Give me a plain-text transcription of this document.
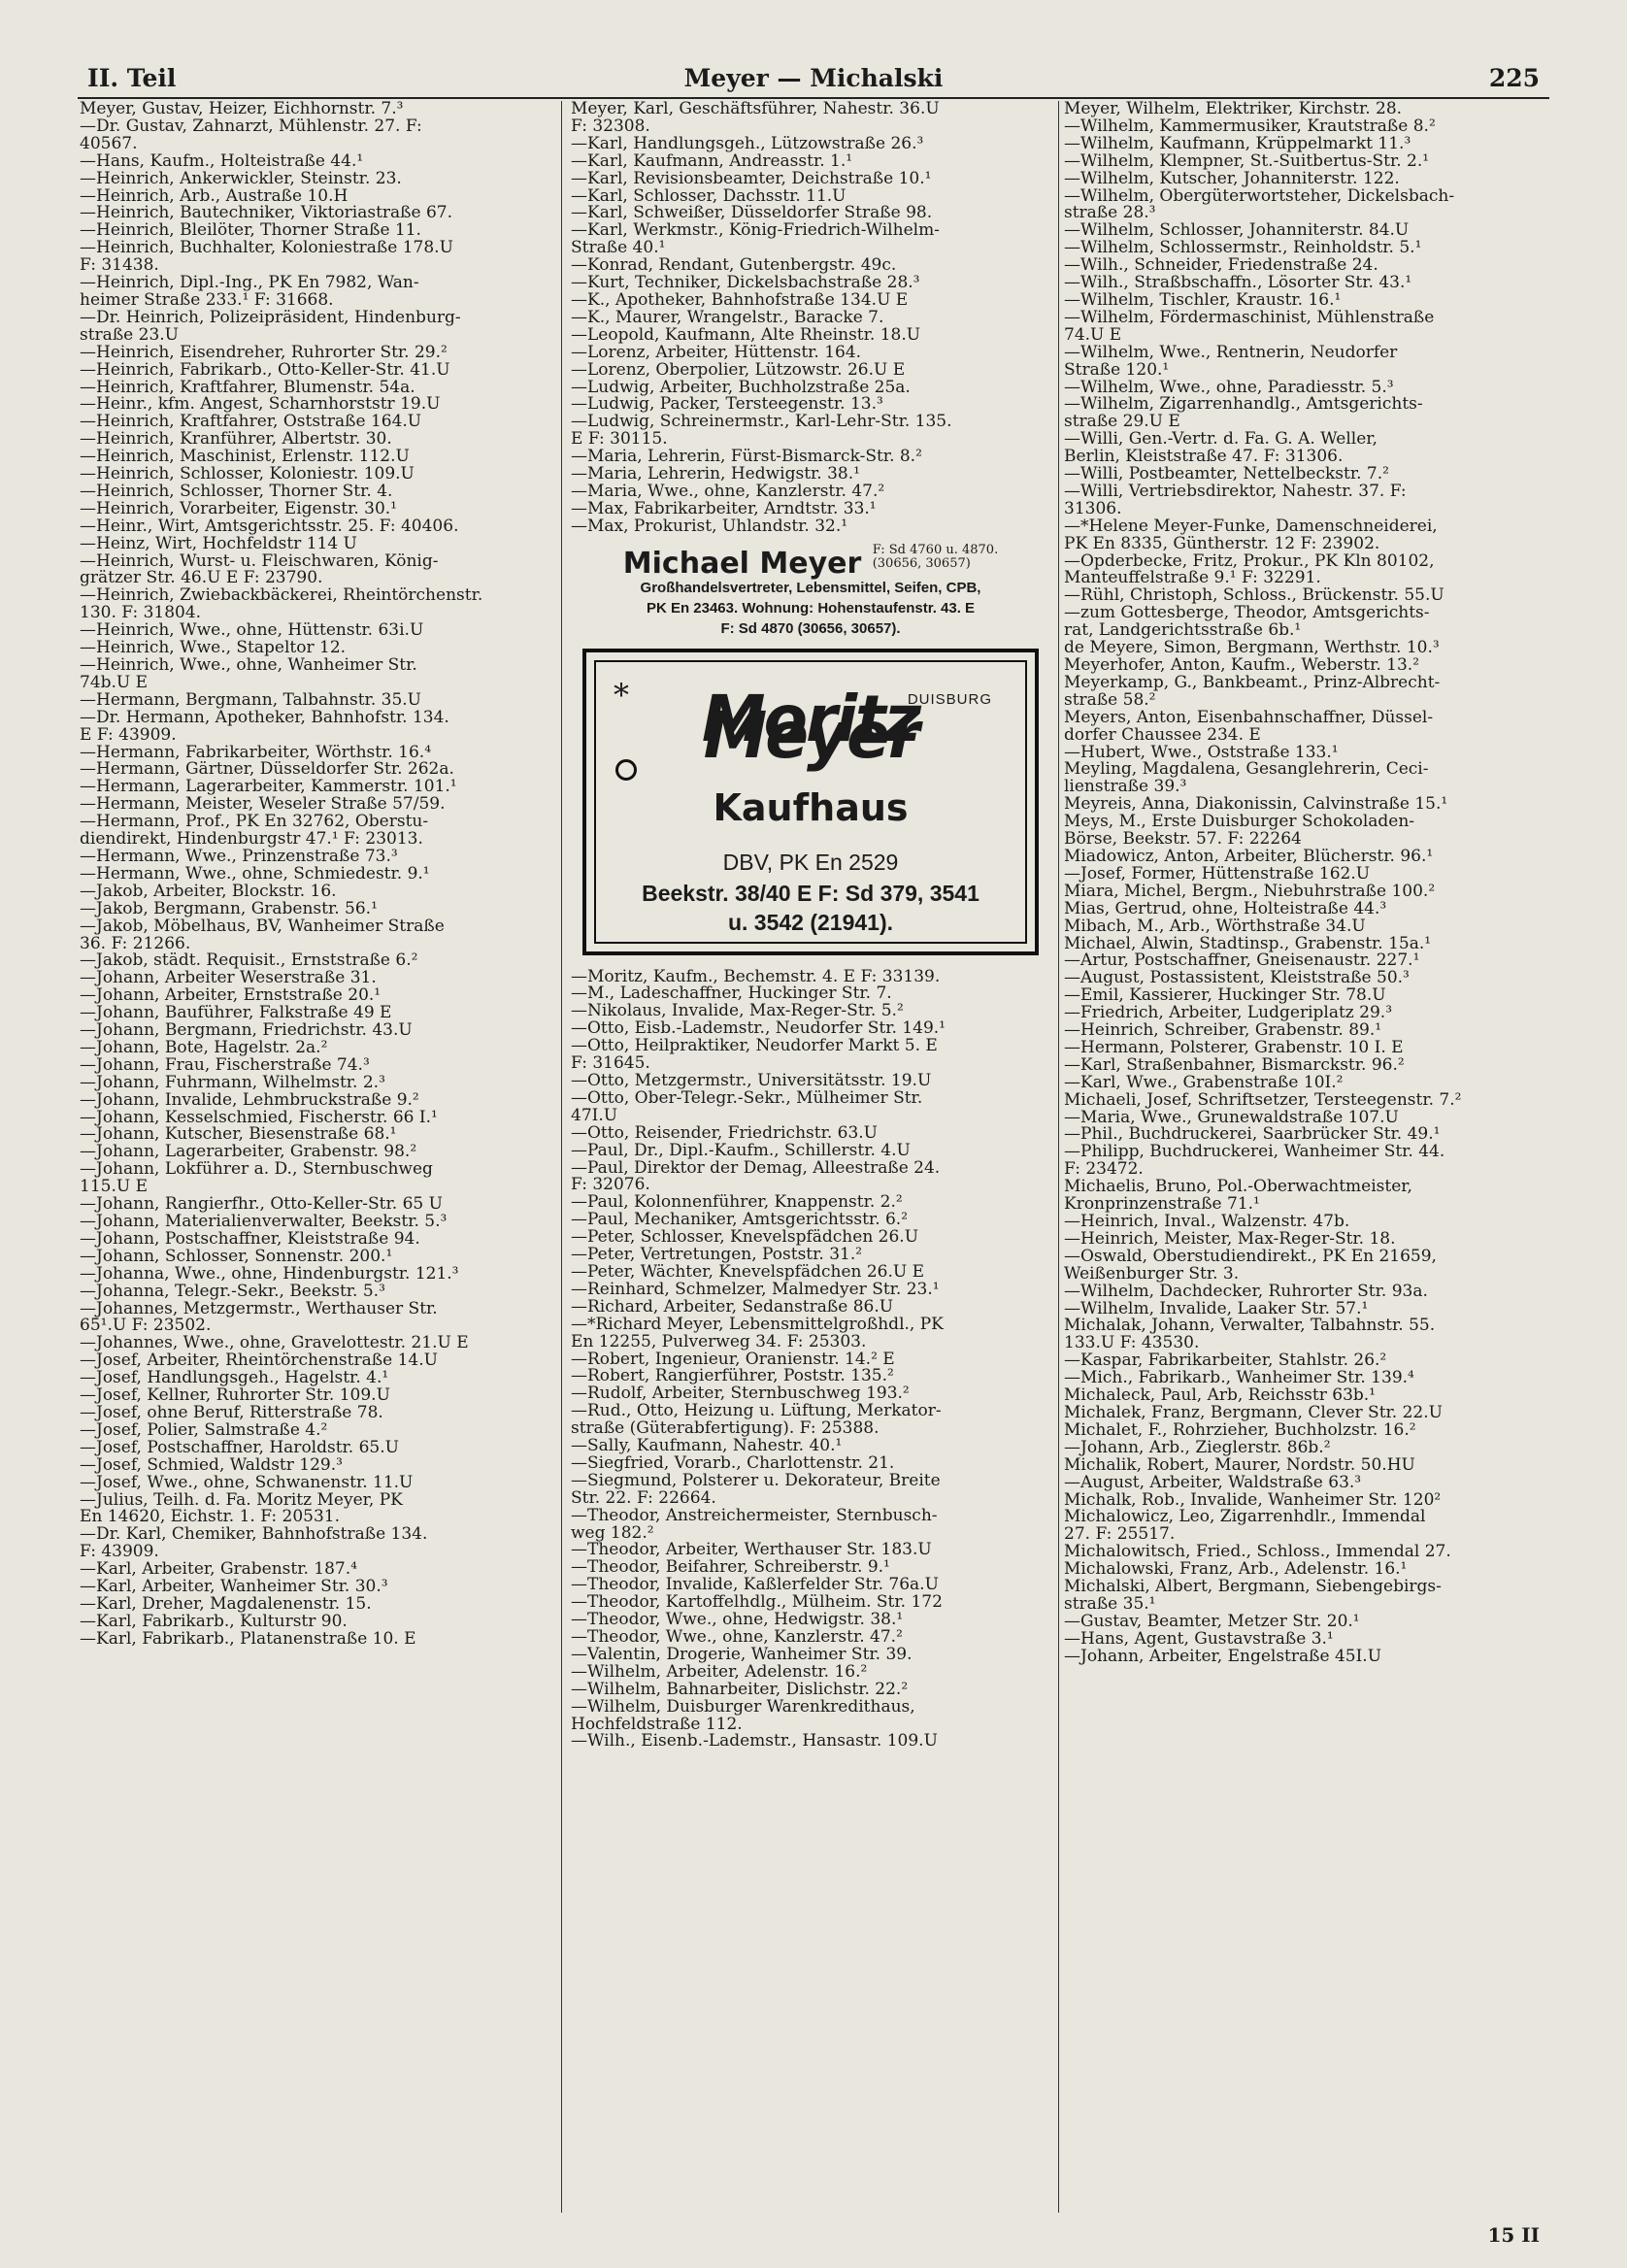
II. Teil	Meyer — Michalski	225
Meyer, Gustav, Heizer, Eichhornstr. 7.³
—Dr. Gustav, Zahnarzt, Mühlenstr. 27. F:
40567.
—Hans, Kaufm., Holteistraße 44.¹
—Heinrich, Ankerwickler, Steinstr. 23.
—Heinrich, Arb., Austraße 10.H
—Heinrich, Bautechniker, Viktoriastraße 67.
—Heinrich, Bleilöter, Thorner Straße 11.
—Heinrich, Buchhalter, Koloniestraße 178.U
F: 31438.
—Heinrich, Dipl.-Ing., PK En 7982, Wan-
heimer Straße 233.¹ F: 31668.
—Dr. Heinrich, Polizeipräsident, Hindenburg-
straße 23.U
—Heinrich, Eisendreher, Ruhrorter Str. 29.²
—Heinrich, Fabrikarb., Otto-Keller-Str. 41.U
—Heinrich, Kraftfahrer, Blumenstr. 54a.
—Heinr., kfm. Angest, Scharnhorststr 19.U
—Heinrich, Kraftfahrer, Oststraße 164.U
—Heinrich, Kranführer, Albertstr. 30.
—Heinrich, Maschinist, Erlenstr. 112.U
—Heinrich, Schlosser, Koloniestr. 109.U
—Heinrich, Schlosser, Thorner Str. 4.
—Heinrich, Vorarbeiter, Eigenstr. 30.¹
—Heinr., Wirt, Amtsgerichtsstr. 25. F: 40406.
—Heinz, Wirt, Hochfeldstr 114 U
—Heinrich, Wurst- u. Fleischwaren, König-
grätzer Str. 46.U E F: 23790.
—Heinrich, Zwiebackbäckerei, Rheintörchenstr.
130. F: 31804.
—Heinrich, Wwe., ohne, Hüttenstr. 63i.U
—Heinrich, Wwe., Stapeltor 12.
—Heinrich, Wwe., ohne, Wanheimer Str.
74b.U E
—Hermann, Bergmann, Talbahnstr. 35.U
—Dr. Hermann, Apotheker, Bahnhofstr. 134.
E F: 43909.
—Hermann, Fabrikarbeiter, Wörthstr. 16.⁴
—Hermann, Gärtner, Düsseldorfer Str. 262a.
—Hermann, Lagerarbeiter, Kammerstr. 101.¹
—Hermann, Meister, Weseler Straße 57/59.
—Hermann, Prof., PK En 32762, Oberstu-
diendirekt, Hindenburgstr 47.¹ F: 23013.
—Hermann, Wwe., Prinzenstraße 73.³
—Hermann, Wwe., ohne, Schmiedestr. 9.¹
—Jakob, Arbeiter, Blockstr. 16.
—Jakob, Bergmann, Grabenstr. 56.¹
—Jakob, Möbelhaus, BV, Wanheimer Straße
36. F: 21266.
—Jakob, städt. Requisit., Ernststraße 6.²
—Johann, Arbeiter Weserstraße 31.
—Johann, Arbeiter, Ernststraße 20.¹
—Johann, Bauführer, Falkstraße 49 E
—Johann, Bergmann, Friedrichstr. 43.U
—Johann, Bote, Hagelstr. 2a.²
—Johann, Frau, Fischerstraße 74.³
—Johann, Fuhrmann, Wilhelmstr. 2.³
—Johann, Invalide, Lehmbruckstraße 9.²
—Johann, Kesselschmied, Fischerstr. 66 I.¹
—Johann, Kutscher, Biesenstraße 68.¹
—Johann, Lagerarbeiter, Grabenstr. 98.²
—Johann, Lokführer a. D., Sternbuschweg
115.U E
—Johann, Rangierfhr., Otto-Keller-Str. 65 U
—Johann, Materialienverwalter, Beekstr. 5.³
—Johann, Postschaffner, Kleiststraße 94.
—Johann, Schlosser, Sonnenstr. 200.¹
—Johanna, Wwe., ohne, Hindenburgstr. 121.³
—Johanna, Telegr.-Sekr., Beekstr. 5.³
—Johannes, Metzgermstr., Werthauser Str.
65¹.U F: 23502.
—Johannes, Wwe., ohne, Gravelottestr. 21.U E
—Josef, Arbeiter, Rheintörchenstraße 14.U
—Josef, Handlungsgeh., Hagelstr. 4.¹
—Josef, Kellner, Ruhrorter Str. 109.U
—Josef, ohne Beruf, Ritterstraße 78.
—Josef, Polier, Salmstraße 4.²
—Josef, Postschaffner, Haroldstr. 65.U
—Josef, Schmied, Waldstr 129.³
—Josef, Wwe., ohne, Schwanenstr. 11.U
—Julius, Teilh. d. Fa. Moritz Meyer, PK
En 14620, Eichstr. 1. F: 20531.
—Dr. Karl, Chemiker, Bahnhofstraße 134.
F: 43909.
—Karl, Arbeiter, Grabenstr. 187.⁴
—Karl, Arbeiter, Wanheimer Str. 30.³
—Karl, Dreher, Magdalenenstr. 15.
—Karl, Fabrikarb., Kulturstr 90.
—Karl, Fabrikarb., Platanenstraße 10. E
Meyer, Karl, Geschäftsführer, Nahestr. 36.U
F: 32308.
—Karl, Handlungsgeh., Lützowstraße 26.³
—Karl, Kaufmann, Andreasstr. 1.¹
—Karl, Revisionsbeamter, Deichstraße 10.¹
—Karl, Schlosser, Dachsstr. 11.U
—Karl, Schweißer, Düsseldorfer Straße 98.
—Karl, Werkmstr., König-Friedrich-Wilhelm-
Straße 40.¹
—Konrad, Rendant, Gutenbergstr. 49c.
—Kurt, Techniker, Dickelsbachstraße 28.³
—K., Apotheker, Bahnhofstraße 134.U E
—K., Maurer, Wrangelstr., Baracke 7.
—Leopold, Kaufmann, Alte Rheinstr. 18.U
—Lorenz, Arbeiter, Hüttenstr. 164.
—Lorenz, Oberpolier, Lützowstr. 26.U E
—Ludwig, Arbeiter, Buchholzstraße 25a.
—Ludwig, Packer, Tersteegenstr. 13.³
—Ludwig, Schreinermstr., Karl-Lehr-Str. 135.
E F: 30115.
—Maria, Lehrerin, Fürst-Bismarck-Str. 8.²
—Maria, Lehrerin, Hedwigstr. 38.¹
—Maria, Wwe., ohne, Kanzlerstr. 47.²
—Max, Fabrikarbeiter, Arndtstr. 33.¹
—Max, Prokurist, Uhlandstr. 32.¹
Michael Meyer F: Sd 4760 u. 4870.
(30656, 30657)
Großhandelsvertreter, Lebensmittel, Seifen, CPB,
PK En 23463. Wohnung: Hohenstaufenstr. 43. E
F: Sd 4870 (30656, 30657).
*	DUISBURG
Moritz Meyer
Kaufhaus
DBV, PK En 2529
Beekstr. 38/40 E F: Sd 379, 3541
u. 3542 (21941).
—Moritz, Kaufm., Bechemstr. 4. E F: 33139.
—M., Ladeschaffner, Huckinger Str. 7.
—Nikolaus, Invalide, Max-Reger-Str. 5.²
—Otto, Eisb.-Lademstr., Neudorfer Str. 149.¹
—Otto, Heilpraktiker, Neudorfer Markt 5. E
F: 31645.
—Otto, Metzgermstr., Universitätsstr. 19.U
—Otto, Ober-Telegr.-Sekr., Mülheimer Str.
47I.U
—Otto, Reisender, Friedrichstr. 63.U
—Paul, Dr., Dipl.-Kaufm., Schillerstr. 4.U
—Paul, Direktor der Demag, Alleestraße 24.
F: 32076.
—Paul, Kolonnenführer, Knappenstr. 2.²
—Paul, Mechaniker, Amtsgerichtsstr. 6.²
—Peter, Schlosser, Knevelspfädchen 26.U
—Peter, Vertretungen, Poststr. 31.²
—Peter, Wächter, Knevelspfädchen 26.U E
—Reinhard, Schmelzer, Malmedyer Str. 23.¹
—Richard, Arbeiter, Sedanstraße 86.U
—*Richard Meyer, Lebensmittelgroßhdl., PK
En 12255, Pulverweg 34. F: 25303.
—Robert, Ingenieur, Oranienstr. 14.² E
—Robert, Rangierführer, Poststr. 135.²
—Rudolf, Arbeiter, Sternbuschweg 193.²
—Rud., Otto, Heizung u. Lüftung, Merkator-
straße (Güterabfertigung). F: 25388.
—Sally, Kaufmann, Nahestr. 40.¹
—Siegfried, Vorarb., Charlottenstr. 21.
—Siegmund, Polsterer u. Dekorateur, Breite
Str. 22. F: 22664.
—Theodor, Anstreichermeister, Sternbusch-
weg 182.²
—Theodor, Arbeiter, Werthauser Str. 183.U
—Theodor, Beifahrer, Schreiberstr. 9.¹
—Theodor, Invalide, Kaßlerfelder Str. 76a.U
—Theodor, Kartoffelhdlg., Mülheim. Str. 172
—Theodor, Wwe., ohne, Hedwigstr. 38.¹
—Theodor, Wwe., ohne, Kanzlerstr. 47.²
—Valentin, Drogerie, Wanheimer Str. 39.
—Wilhelm, Arbeiter, Adelenstr. 16.²
—Wilhelm, Bahnarbeiter, Dislichstr. 22.²
—Wilhelm, Duisburger Warenkredithaus,
Hochfeldstraße 112.
—Wilh., Eisenb.-Lademstr., Hansastr. 109.U
Meyer, Wilhelm, Elektriker, Kirchstr. 28.
—Wilhelm, Kammermusiker, Krautstraße 8.²
—Wilhelm, Kaufmann, Krüppelmarkt 11.³
—Wilhelm, Klempner, St.-Suitbertus-Str. 2.¹
—Wilhelm, Kutscher, Johanniterstr. 122.
—Wilhelm, Obergüterwortsteher, Dickelsbach-
straße 28.³
—Wilhelm, Schlosser, Johanniterstr. 84.U
—Wilhelm, Schlossermstr., Reinholdstr. 5.¹
—Wilh., Schneider, Friedenstraße 24.
—Wilh., Straßbschaffn., Lösorter Str. 43.¹
—Wilhelm, Tischler, Kraustr. 16.¹
—Wilhelm, Fördermaschinist, Mühlenstraße
74.U E
—Wilhelm, Wwe., Rentnerin, Neudorfer
Straße 120.¹
—Wilhelm, Wwe., ohne, Paradiesstr. 5.³
—Wilhelm, Zigarrenhandlg., Amtsgerichts-
straße 29.U E
—Willi, Gen.-Vertr. d. Fa. G. A. Weller,
Berlin, Kleiststraße 47. F: 31306.
—Willi, Postbeamter, Nettelbeckstr. 7.²
—Willi, Vertriebsdirektor, Nahestr. 37. F:
31306.
—*Helene Meyer-Funke, Damenschneiderei,
PK En 8335, Güntherstr. 12 F: 23902.
—Opderbecke, Fritz, Prokur., PK Kln 80102,
Manteuffelstraße 9.¹ F: 32291.
—Rühl, Christoph, Schloss., Brückenstr. 55.U
—zum Gottesberge, Theodor, Amtsgerichts-
rat, Landgerichtsstraße 6b.¹
de Meyere, Simon, Bergmann, Werthstr. 10.³
Meyerhofer, Anton, Kaufm., Weberstr. 13.²
Meyerkamp, G., Bankbeamt., Prinz-Albrecht-
straße 58.²
Meyers, Anton, Eisenbahnschaffner, Düssel-
dorfer Chaussee 234. E
—Hubert, Wwe., Oststraße 133.¹
Meyling, Magdalena, Gesanglehrerin, Ceci-
lienstraße 39.³
Meyreis, Anna, Diakonissin, Calvinstraße 15.¹
Meys, M., Erste Duisburger Schokoladen-
Börse, Beekstr. 57. F: 22264
Miadowicz, Anton, Arbeiter, Blücherstr. 96.¹
—Josef, Former, Hüttenstraße 162.U
Miara, Michel, Bergm., Niebuhrstraße 100.²
Mias, Gertrud, ohne, Holteistraße 44.³
Mibach, M., Arb., Wörthstraße 34.U
Michael, Alwin, Stadtinsp., Grabenstr. 15a.¹
—Artur, Postschaffner, Gneisenaustr. 227.¹
—August, Postassistent, Kleiststraße 50.³
—Emil, Kassierer, Huckinger Str. 78.U
—Friedrich, Arbeiter, Ludgeriplatz 29.³
—Heinrich, Schreiber, Grabenstr. 89.¹
—Hermann, Polsterer, Grabenstr. 10 I. E
—Karl, Straßenbahner, Bismarckstr. 96.²
—Karl, Wwe., Grabenstraße 10I.²
Michaeli, Josef, Schriftsetzer, Tersteegenstr. 7.²
—Maria, Wwe., Grunewaldstraße 107.U
—Phil., Buchdruckerei, Saarbrücker Str. 49.¹
—Philipp, Buchdruckerei, Wanheimer Str. 44.
F: 23472.
Michaelis, Bruno, Pol.-Oberwachtmeister,
Kronprinzenstraße 71.¹
—Heinrich, Inval., Walzenstr. 47b.
—Heinrich, Meister, Max-Reger-Str. 18.
—Oswald, Oberstudiendirekt., PK En 21659,
Weißenburger Str. 3.
—Wilhelm, Dachdecker, Ruhrorter Str. 93a.
—Wilhelm, Invalide, Laaker Str. 57.¹
Michalak, Johann, Verwalter, Talbahnstr. 55.
133.U F: 43530.
—Kaspar, Fabrikarbeiter, Stahlstr. 26.²
—Mich., Fabrikarb., Wanheimer Str. 139.⁴
Michaleck, Paul, Arb, Reichsstr 63b.¹
Michalek, Franz, Bergmann, Clever Str. 22.U
Michalet, F., Rohrzieher, Buchholzstr. 16.²
—Johann, Arb., Zieglerstr. 86b.²
Michalik, Robert, Maurer, Nordstr. 50.HU
—August, Arbeiter, Waldstraße 63.³
Michalk, Rob., Invalide, Wanheimer Str. 120²
Michalowicz, Leo, Zigarrenhdlr., Immendal
27. F: 25517.
Michalowitsch, Fried., Schloss., Immendal 27.
Michalowski, Franz, Arb., Adelenstr. 16.¹
Michalski, Albert, Bergmann, Siebengebirgs-
straße 35.¹
—Gustav, Beamter, Metzer Str. 20.¹
—Hans, Agent, Gustavstraße 3.¹
—Johann, Arbeiter, Engelstraße 45I.U
15 II
